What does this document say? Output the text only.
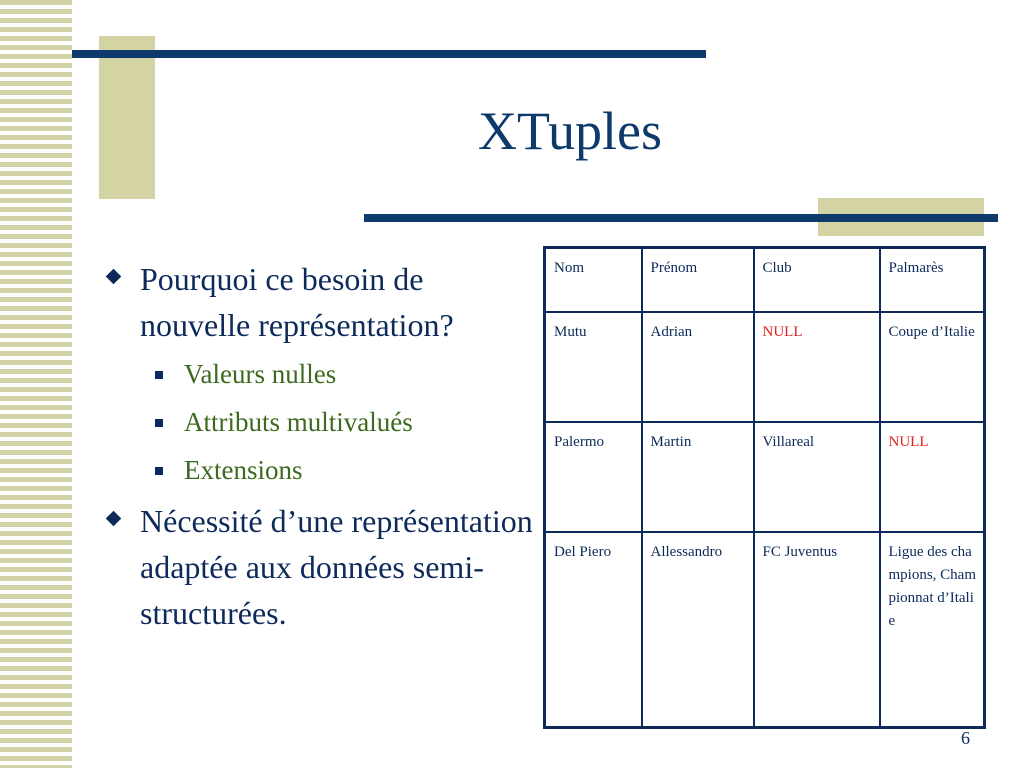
XTuples
Pourquoi ce besoin de nouvelle représentation?
Valeurs nulles
Attributs multivalués
Extensions
Nécessité d’une représentation adaptée aux données semi-structurées.
Nom	Prénom	Club	Palmarès
Mutu	Adrian	NULL	Coupe d’Italie
Palermo	Martin	Villareal	NULL
Del Piero	Allessandro	FC Juventus	Ligue des champions, Championnat d’Italie
6
